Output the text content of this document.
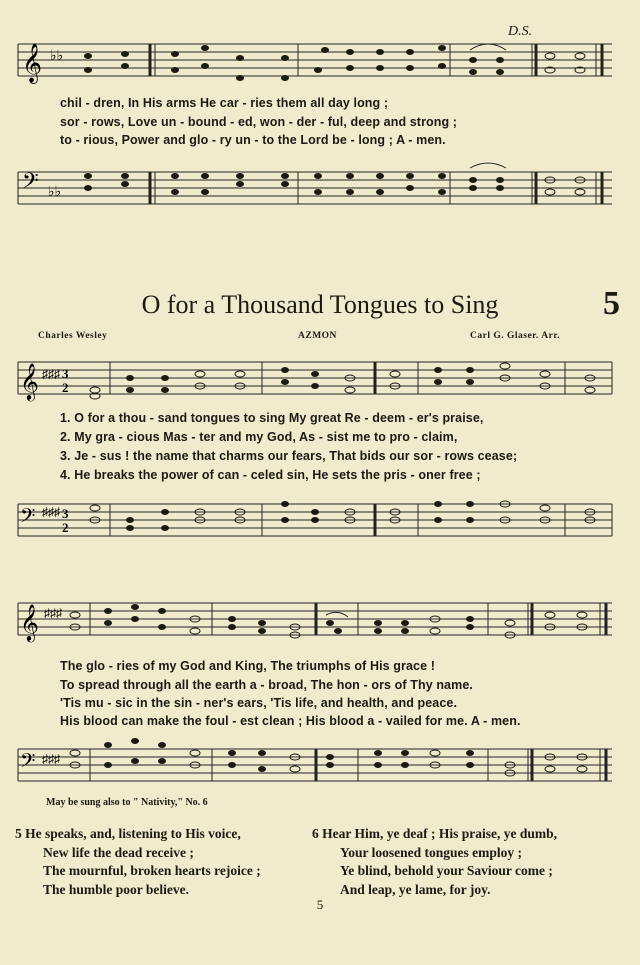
𝄞 ♭♭
D.S.
chil - dren, In His arms He car - ries them all day long ;
sor - rows, Love un - bound - ed, won - der - ful, deep and strong ;
to - rious, Power and glo - ry un - to the Lord be - long ; A - men.
𝄢 ♭♭
O for a Thousand Tongues to Sing	5
Charles Wesley	AZMON	Carl G. Glaser. Arr.
𝄞 ♯♯♯ 3
2
1. O for a thou - sand tongues to sing My great Re - deem - er's praise,
2. My gra - cious Mas - ter and my God, As - sist me to pro - claim,
3. Je - sus ! the name that charms our fears, That bids our sor - rows cease;
4. He breaks the power of can - celed sin, He sets the pris - oner free ;
𝄢 ♯♯♯ 3
2
𝄞 ♯♯♯
The glo - ries of my God and King, The triumphs of His grace !
To spread through all the earth a - broad, The hon - ors of Thy name.
'Tis mu - sic in the sin - ner's ears, 'Tis life, and health, and peace.
His blood can make the foul - est clean ; His blood a - vailed for me. A - men.
𝄢 ♯♯♯
May be sung also to " Nativity," No. 6
5 He speaks, and, listening to His voice,
New life the dead receive ;
The mournful, broken hearts rejoice ;
The humble poor believe.
6 Hear Him, ye deaf ; His praise, ye dumb,
Your loosened tongues employ ;
Ye blind, behold your Saviour come ;
And leap, ye lame, for joy.
5
